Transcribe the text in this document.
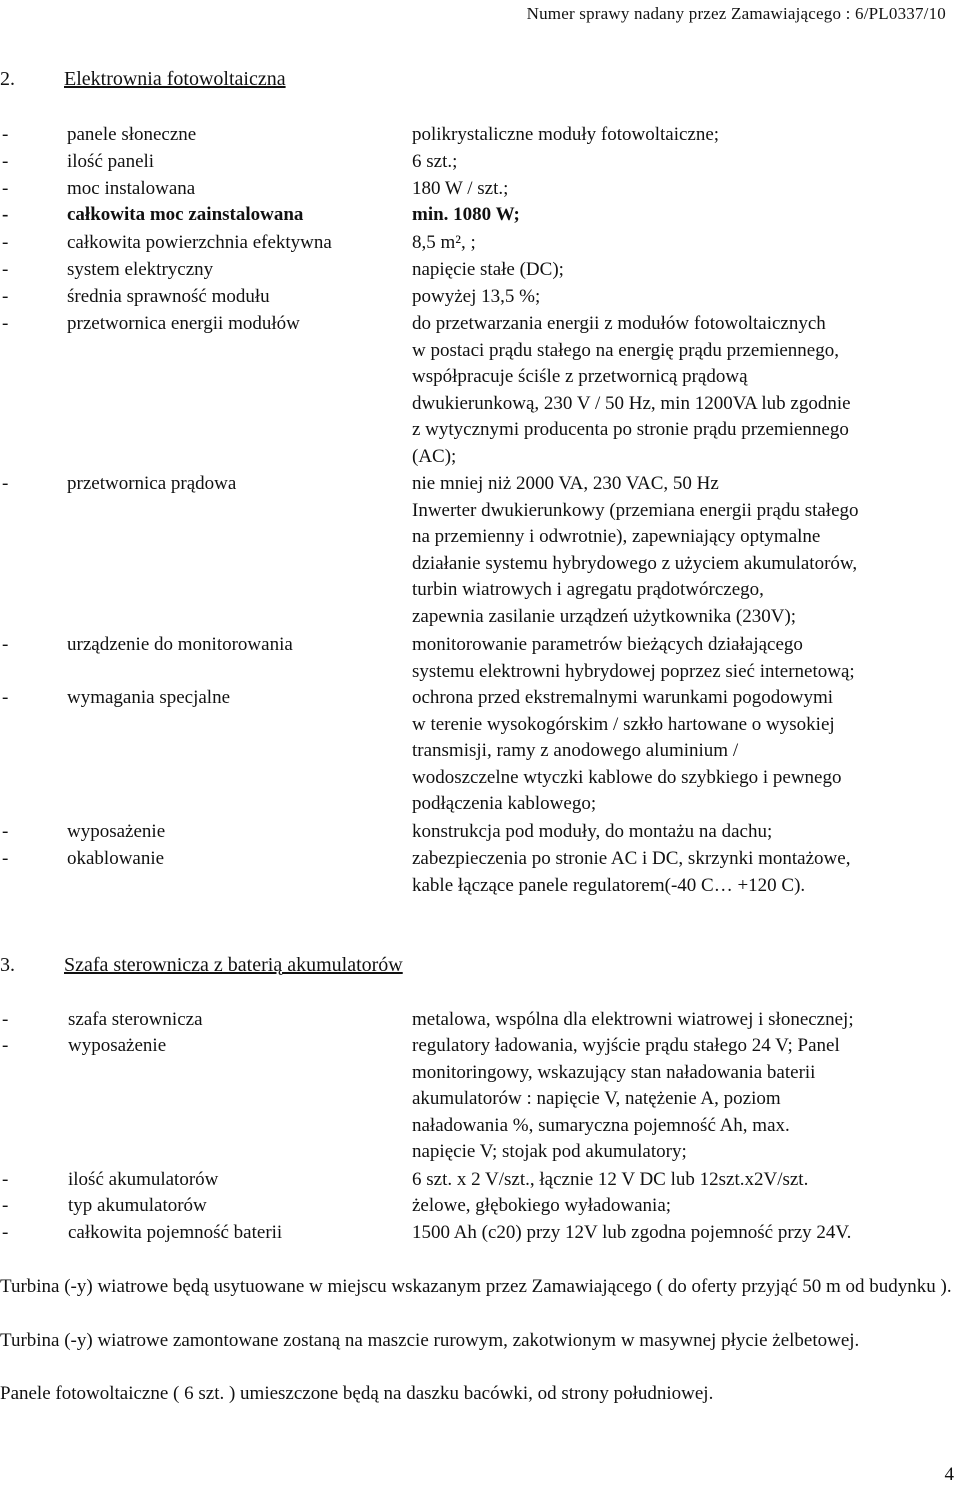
Numer sprawy nadany przez Zamawiającego : 6/PL0337/10
2. Elektrownia fotowoltaiczna
-	panele słoneczne	polikrystaliczne moduły fotowoltaiczne;
-	ilość paneli	6 szt.;
-	moc instalowana	180 W / szt.;
-	całkowita moc zainstalowana	min. 1080 W;
-	całkowita powierzchnia efektywna	8,5 m², ;
-	system elektryczny	napięcie stałe (DC);
-	średnia sprawność modułu	powyżej 13,5 %;
-	przetwornica energii modułów	do przetwarzania energii z modułów fotowoltaicznych
w postaci prądu stałego na energię prądu przemiennego,
współpracuje ściśle z przetwornicą prądową
dwukierunkową, 230 V / 50 Hz, min 1200VA lub zgodnie
z wytycznymi producenta po stronie prądu przemiennego
(AC);
-	przetwornica prądowa	nie mniej niż 2000 VA, 230 VAC, 50 Hz
Inwerter dwukierunkowy (przemiana energii prądu stałego
na przemienny i odwrotnie), zapewniający optymalne
działanie systemu hybrydowego z użyciem akumulatorów,
turbin wiatrowych i agregatu prądotwórczego,
zapewnia zasilanie urządzeń użytkownika (230V);
-	urządzenie do monitorowania	monitorowanie parametrów bieżących działającego
systemu elektrowni hybrydowej poprzez sieć internetową;
-	wymagania specjalne	ochrona przed ekstremalnymi warunkami pogodowymi
w terenie wysokogórskim / szkło hartowane o wysokiej
transmisji, ramy z anodowego aluminium /
wodoszczelne wtyczki kablowe do szybkiego i pewnego
podłączenia kablowego;
-	wyposażenie	konstrukcja pod moduły, do montażu na dachu;
-	okablowanie	zabezpieczenia po stronie AC i DC, skrzynki montażowe,
kable łączące panele regulatorem(-40 C… +120 C).
3. Szafa sterownicza z baterią akumulatorów
-	szafa sterownicza	metalowa, wspólna dla elektrowni wiatrowej i słonecznej;
-	wyposażenie	regulatory ładowania, wyjście prądu stałego 24 V; Panel
monitoringowy, wskazujący stan naładowania baterii
akumulatorów : napięcie V, natężenie A, poziom
naładowania %, sumaryczna pojemność Ah, max.
napięcie V; stojak pod akumulatory;
-	ilość akumulatorów	6 szt. x 2 V/szt., łącznie 12 V DC lub 12szt.x2V/szt.
-	typ akumulatorów	żelowe, głębokiego wyładowania;
-	całkowita pojemność baterii	1500 Ah (c20) przy 12V lub zgodna pojemność przy 24V.
Turbina (-y) wiatrowe będą usytuowane w miejscu wskazanym przez Zamawiającego ( do oferty przyjąć 50 m od budynku ).
Turbina (-y) wiatrowe zamontowane zostaną na maszcie rurowym, zakotwionym w masywnej płycie żelbetowej.
Panele fotowoltaiczne ( 6 szt. ) umieszczone będą na daszku bacówki, od strony południowej.
4
